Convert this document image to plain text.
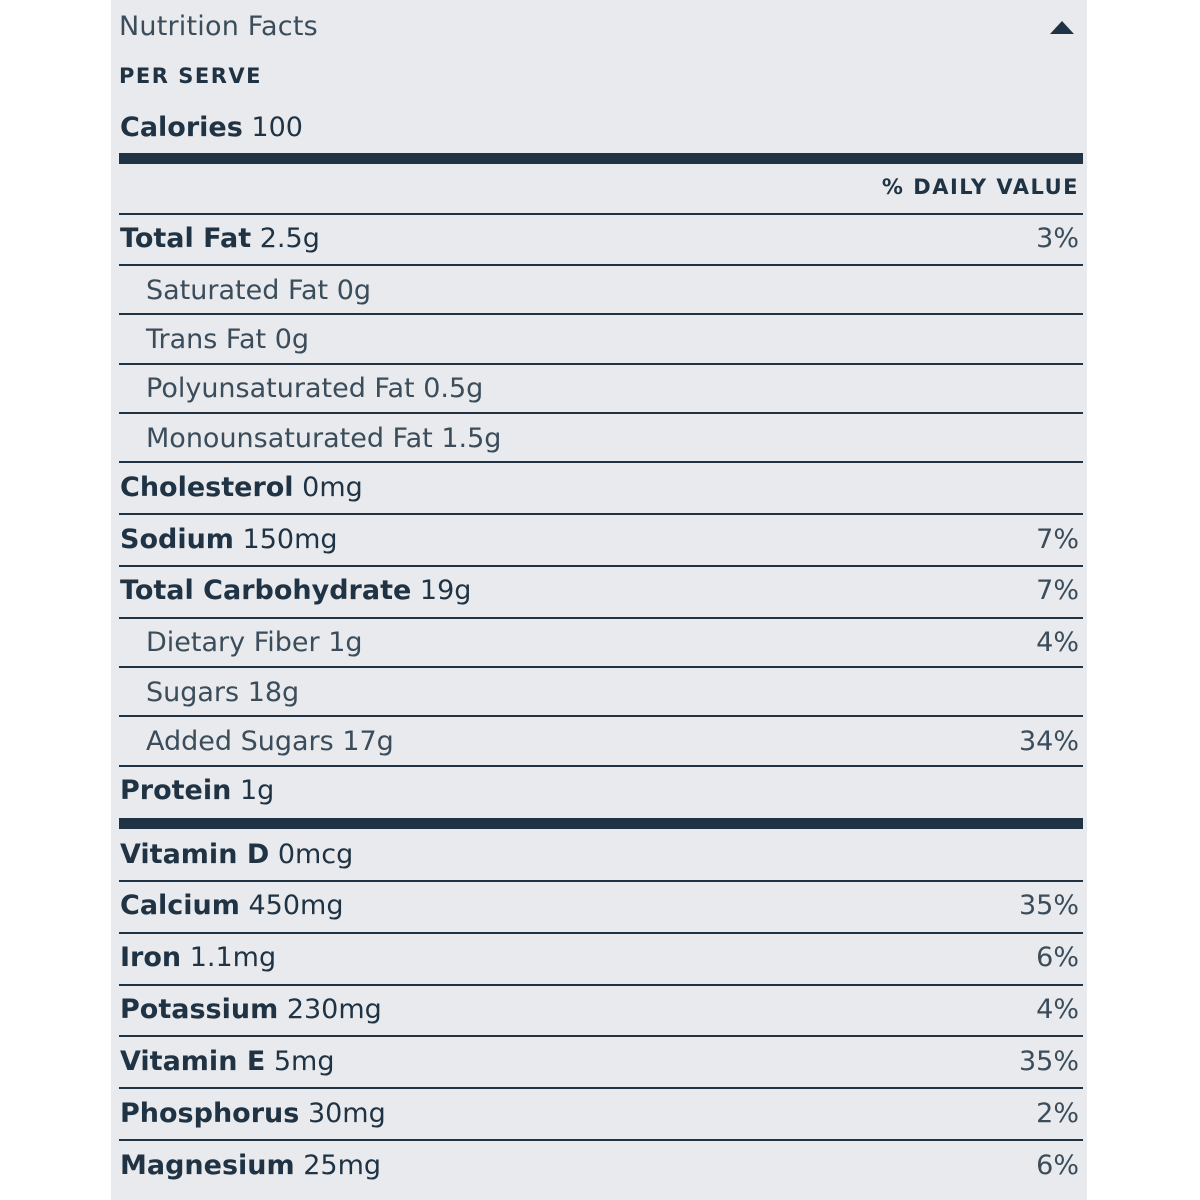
Nutrition Facts
PER SERVE
Calories 100
% DAILY VALUE
Total Fat 2.5g	3%
Saturated Fat 0g
Trans Fat 0g
Polyunsaturated Fat 0.5g
Monounsaturated Fat 1.5g
Cholesterol 0mg
Sodium 150mg	7%
Total Carbohydrate 19g	7%
Dietary Fiber 1g	4%
Sugars 18g
Added Sugars 17g	34%
Protein 1g
Vitamin D 0mcg
Calcium 450mg	35%
Iron 1.1mg	6%
Potassium 230mg	4%
Vitamin E 5mg	35%
Phosphorus 30mg	2%
Magnesium 25mg	6%
